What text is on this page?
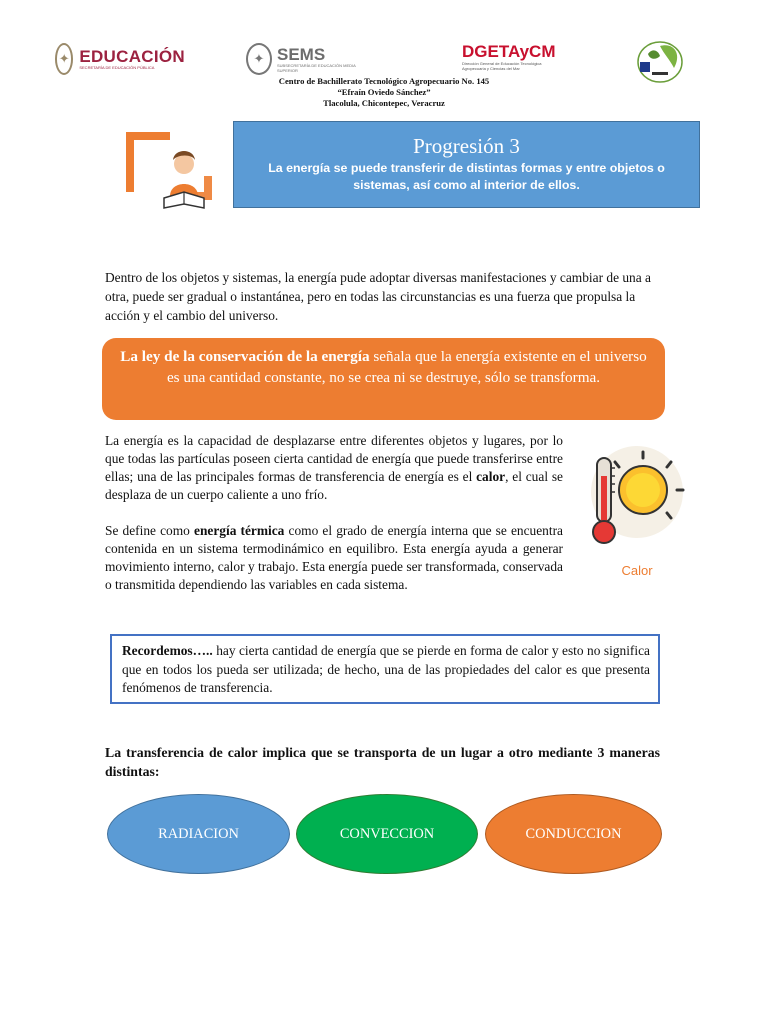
✦ EDUCACIÓN
SECRETARÍA DE EDUCACIÓN PÚBLICA
✦ SEMS
SUBSECRETARÍA DE EDUCACIÓN MEDIA SUPERIOR
DGETAyCM
Dirección General de Educación Tecnológica Agropecuaria y Ciencias del Mar
Centro de Bachillerato Tecnológico Agropecuario No. 145
“Efraín Oviedo Sánchez”
Tlacolula, Chicontepec, Veracruz
Progresión 3
La energía se puede transferir de distintas formas y entre objetos o sistemas, así como al interior de ellos.
Dentro de los objetos y sistemas, la energía pude adoptar diversas manifestaciones y cambiar de una a otra, puede ser gradual o instantánea, pero en todas las circunstancias es una fuerza que propulsa la acción y el cambio del universo.
La ley de la conservación de la energía señala que la energía existente en el universo es una cantidad constante, no se crea ni se destruye, sólo se transforma.
La energía es la capacidad de desplazarse entre diferentes objetos y lugares, por lo que todas las partículas poseen cierta cantidad de energía que puede transferirse entre ellas; una de las principales formas de transferencia de energía es el calor, el cual se desplaza de un cuerpo caliente a uno frío.
Se define como energía térmica como el grado de energía interna que se encuentra contenida en un sistema termodinámico en equilibro. Esta energía ayuda a generar movimiento interno, calor y trabajo. Esta energía puede ser transformada, conservada o transmitida dependiendo las variables en cada sistema.
Calor
Recordemos….. hay cierta cantidad de energía que se pierde en forma de calor y esto no significa que en todos los pueda ser utilizada; de hecho, una de las propiedades del calor es que presenta fenómenos de transferencia.
La transferencia de calor implica que se transporta de un lugar a otro mediante 3 maneras distintas:
RADIACION	CONVECCION	CONDUCCION
